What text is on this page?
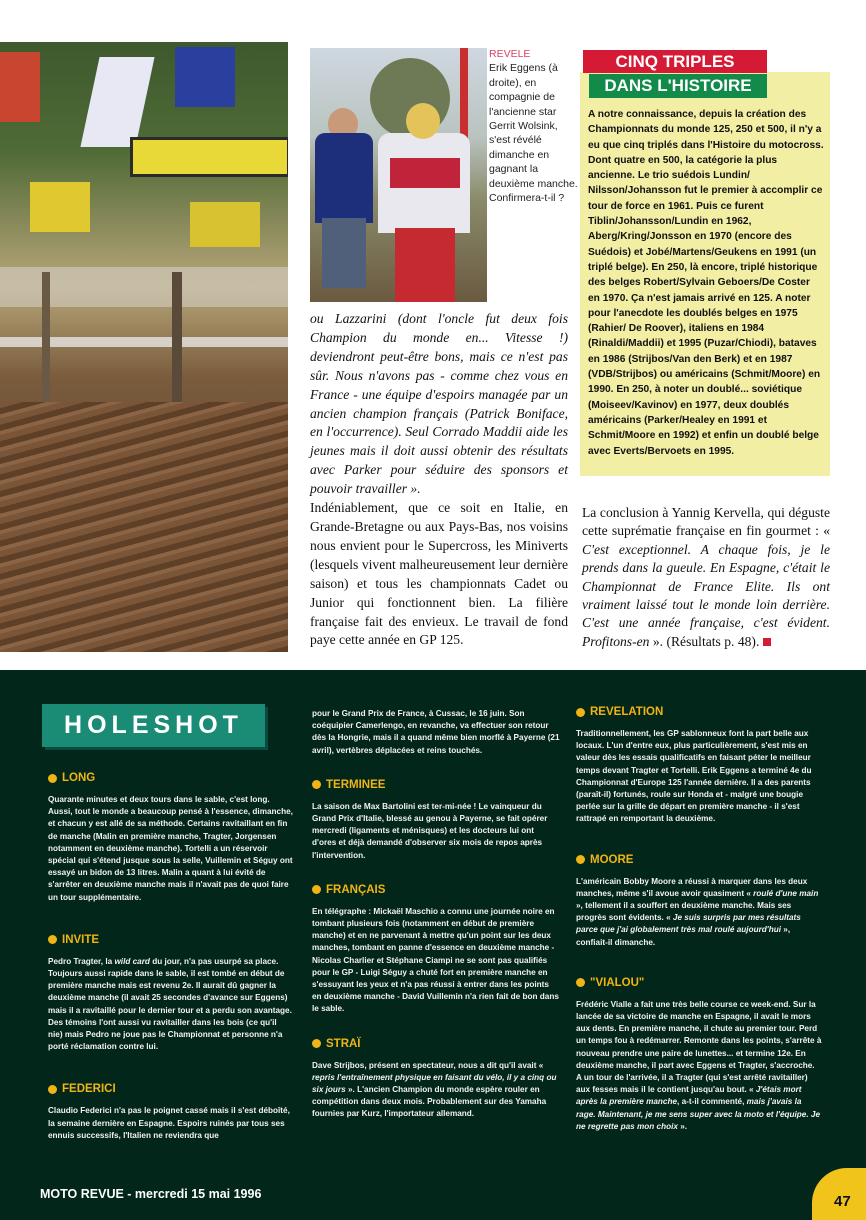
REVELE
Erik Eggens (à droite), en compagnie de l'ancienne star Gerrit Wolsink, s'est révélé dimanche en gagnant la deuxième manche. Confirmera-t-il ?

ou Lazzarini (dont l'oncle fut deux fois Champion du monde en... Vitesse !) deviendront peut-être bons, mais ce n'est pas sûr. Nous n'avons pas - comme chez vous en France - une équipe d'espoirs managée par un ancien champion français (Patrick Boniface, en l'occurrence). Seul Corrado Maddii aide les jeunes mais il doit aussi obtenir des résultats avec Parker pour séduire des sponsors et pouvoir travailler ».

Indéniablement, que ce soit en Italie, en Grande-Bretagne ou aux Pays-Bas, nos voisins nous envient pour le Supercross, les Miniverts (lesquels vivent malheureusement leur dernière saison) et tous les championnats Cadet ou Junior qui fonctionnent bien. La filière française fait des envieux. Le travail de fond paye cette année en GP 125.

CINQ TRIPLES
DANS L'HISTOIRE
A notre connaissance, depuis la création des Championnats du monde 125, 250 et 500, il n'y a eu que cinq triplés dans l'Histoire du motocross. Dont quatre en 500, la catégorie la plus ancienne. Le trio suédois Lundin/ Nilsson/Johansson fut le premier à accomplir ce tour de force en 1961. Puis ce furent Tiblin/Johansson/Lundin en 1962, Aberg/Kring/Jonsson en 1970 (encore des Suédois) et Jobé/Martens/Geukens en 1991 (un triplé belge). En 250, là encore, triplé historique des belges Robert/Sylvain Geboers/De Coster en 1970. Ça n'est jamais arrivé en 125. A noter pour l'anecdote les doublés belges en 1975 (Rahier/ De Roover), italiens en 1984 (Rinaldi/Maddii) et 1995 (Puzar/Chiodi), bataves en 1986 (Strijbos/Van den Berk) et en 1987 (VDB/Strijbos) ou américains (Schmit/Moore) en 1990. En 250, à noter un doublé... soviétique (Moiseev/Kavinov) en 1977, deux doublés américains (Parker/Healey en 1991 et Schmit/Moore en 1992) et enfin un doublé belge avec Everts/Bervoets en 1995.
La conclusion à Yannig Kervella, qui déguste cette suprématie française en fin gourmet : « C'est exceptionnel. A chaque fois, je le prends dans la gueule. En Espagne, c'était le Championnat de France Elite. Ils ont vraiment laissé tout le monde loin derrière. C'est une année française, c'est évident. Profitons-en ». (Résultats p. 48).
HOLESHOT
LONG
Quarante minutes et deux tours dans le sable, c'est long. Aussi, tout le monde a beaucoup pensé à l'essence, dimanche, et chacun y est allé de sa méthode. Certains ravitaillant en fin de manche (Malin en première manche, Tragter, Jorgensen notamment en deuxième manche). Tortelli a un réservoir spécial qui s'étend jusque sous la selle, Vuillemin et Séguy ont essayé un bidon de 13 litres. Malin a quant à lui évité de s'arrêter en deuxième manche mais il n'avait pas de quoi faire un tour supplémentaire.
INVITE
Pedro Tragter, la wild card du jour, n'a pas usurpé sa place. Toujours aussi rapide dans le sable, il est tombé en début de première manche mais est revenu 2e. Il aurait dû gagner la deuxième manche (il avait 25 secondes d'avance sur Eggens) mais il a ravitaillé pour le dernier tour et a perdu son avantage. Des témoins l'ont aussi vu ravitailler dans les bois (ce qu'il nie) mais Pedro ne joue pas le Championnat et personne n'a porté réclamation contre lui.
FEDERICI
Claudio Federici n'a pas le poignet cassé mais il s'est déboîté, la semaine dernière en Espagne. Espoirs ruinés par tous ses ennuis successifs, l'Italien ne reviendra que
pour le Grand Prix de France, à Cussac, le 16 juin. Son coéquipier Camerlengo, en revanche, va effectuer son retour dès la Hongrie, mais il a quand même bien morflé à Payerne (21 avril), vertèbres déplacées et reins touchés.
TERMINEE
La saison de Max Bartolini est ter-mi-née ! Le vainqueur du Grand Prix d'Italie, blessé au genou à Payerne, se fait opérer mercredi (ligaments et ménisques) et les docteurs lui ont d'ores et déjà demandé d'observer six mois de repos après l'intervention.
FRANÇAIS
En télégraphe : Mickaël Maschio a connu une journée noire en tombant plusieurs fois (notamment en début de première manche) et en ne parvenant à mettre qu'un point sur les deux manches, tombant en panne d'essence en deuxième manche - Nicolas Charlier et Stéphane Ciampi ne se sont pas qualifiés pour le GP - Luigi Séguy a chuté fort en première manche en s'essuyant les yeux et n'a pas réussi à entrer dans les points en deuxième manche - David Vuillemin n'a rien fait de bon dans le sable.
STRAÏ
Dave Strijbos, présent en spectateur, nous a dit qu'il avait « repris l'entraînement physique en faisant du vélo, il y a cinq ou six jours ». L'ancien Champion du monde espère rouler en compétition dans deux mois. Probablement sur des Yamaha fournies par Kurz, l'importateur allemand.
REVELATION
Traditionnellement, les GP sablonneux font la part belle aux locaux. L'un d'entre eux, plus particulièrement, s'est mis en valeur dès les essais qualificatifs en faisant péter le meilleur temps devant Tragter et Tortelli. Erik Eggens a terminé 4e du Championnat d'Europe 125 l'année dernière. Il a des parents (paraît-il) fortunés, roule sur Honda et - malgré une bougie perlée sur la grille de départ en première manche - il s'est rattrapé en remportant la deuxième.
MOORE
L'américain Bobby Moore a réussi à marquer dans les deux manches, même s'il avoue avoir quasiment « roulé d'une main », tellement il a souffert en deuxième manche. Mais ses progrès sont évidents. « Je suis surpris par mes résultats parce que j'ai globalement très mal roulé aujourd'hui », confiait-il dimanche.
"VIALOU"
Frédéric Vialle a fait une très belle course ce week-end. Sur la lancée de sa victoire de manche en Espagne, il avait le mors aux dents. En première manche, il chute au premier tour. Perd un temps fou à redémarrer. Remonte dans les points, s'arrête à nouveau prendre une paire de lunettes... et termine 12e. En deuxième manche, il part avec Eggens et Tragter, s'accroche. A un tour de l'arrivée, il a Tragter (qui s'est arrêté ravitailler) aux fesses mais il le contient jusqu'au bout. « J'étais mort après la première manche, a-t-il commenté, mais j'avais la rage. Maintenant, je me sens super avec la moto et l'équipe. Je ne regrette pas mon choix ».
MOTO REVUE - mercredi 15 mai 1996	47
